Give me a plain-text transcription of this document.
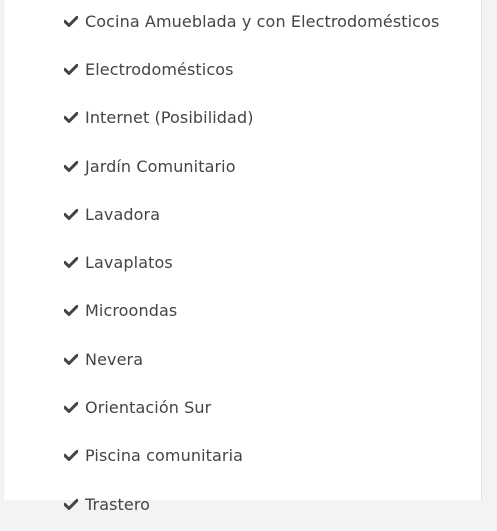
Cocina Amueblada y con Electrodomésticos
Electrodomésticos
Internet (Posibilidad)
Jardín Comunitario
Lavadora
Lavaplatos
Microondas
Nevera
Orientación Sur
Piscina comunitaria
Trastero
